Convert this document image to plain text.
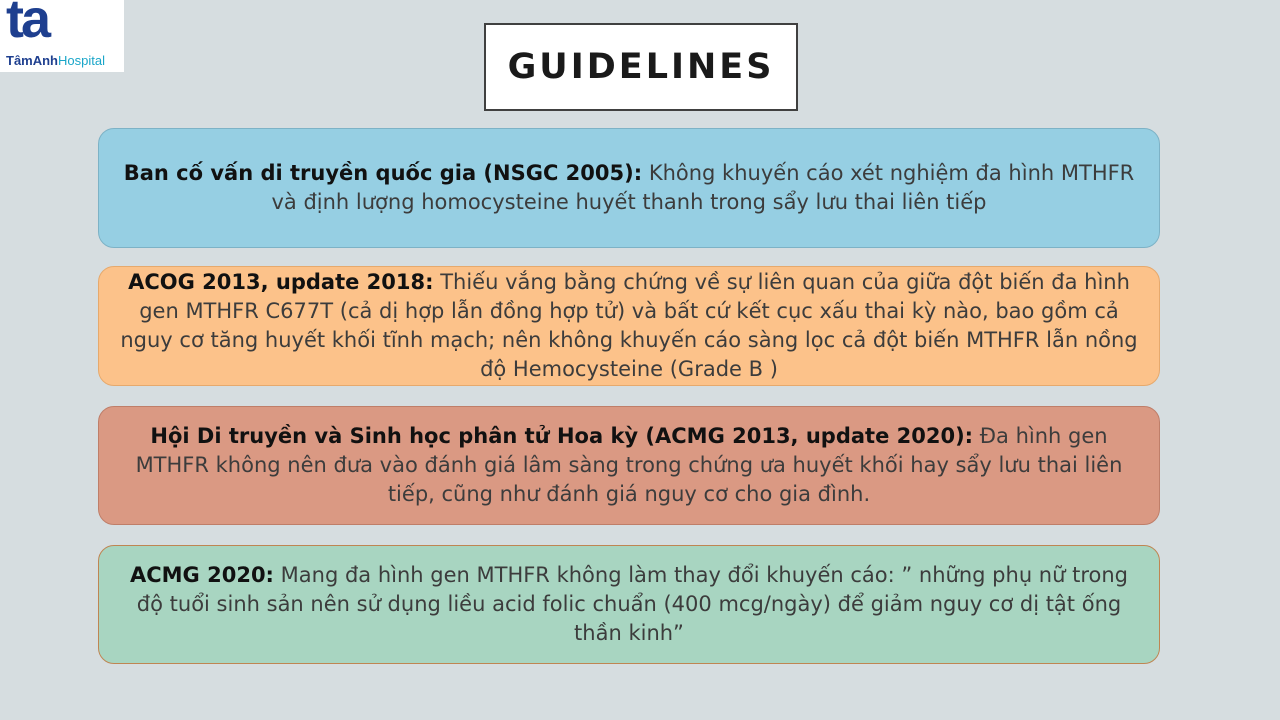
ta
TâmAnhHospital	GUIDELINES
Ban cố vấn di truyền quốc gia (NSGC 2005): Không khuyến cáo xét nghiệm đa hình MTHFR và định lượng homocysteine huyết thanh trong sẩy lưu thai liên tiếp
ACOG 2013, update 2018: Thiếu vắng bằng chứng về sự liên quan của giữa đột biến đa hình gen MTHFR C677T (cả dị hợp lẫn đồng hợp tử) và bất cứ kết cục xấu thai kỳ nào, bao gồm cả nguy cơ tăng huyết khối tĩnh mạch; nên không khuyến cáo sàng lọc cả đột biến MTHFR lẫn nồng độ Hemocysteine (Grade B )
Hội Di truyền và Sinh học phân tử Hoa kỳ (ACMG 2013, update 2020): Đa hình gen MTHFR không nên đưa vào đánh giá lâm sàng trong chứng ưa huyết khối hay sẩy lưu thai liên tiếp, cũng như đánh giá nguy cơ cho gia đình.
ACMG 2020: Mang đa hình gen MTHFR không làm thay đổi khuyến cáo: ” những phụ nữ trong độ tuổi sinh sản nên sử dụng liều acid folic chuẩn (400 mcg/ngày) để giảm nguy cơ dị tật ống thần kinh”
